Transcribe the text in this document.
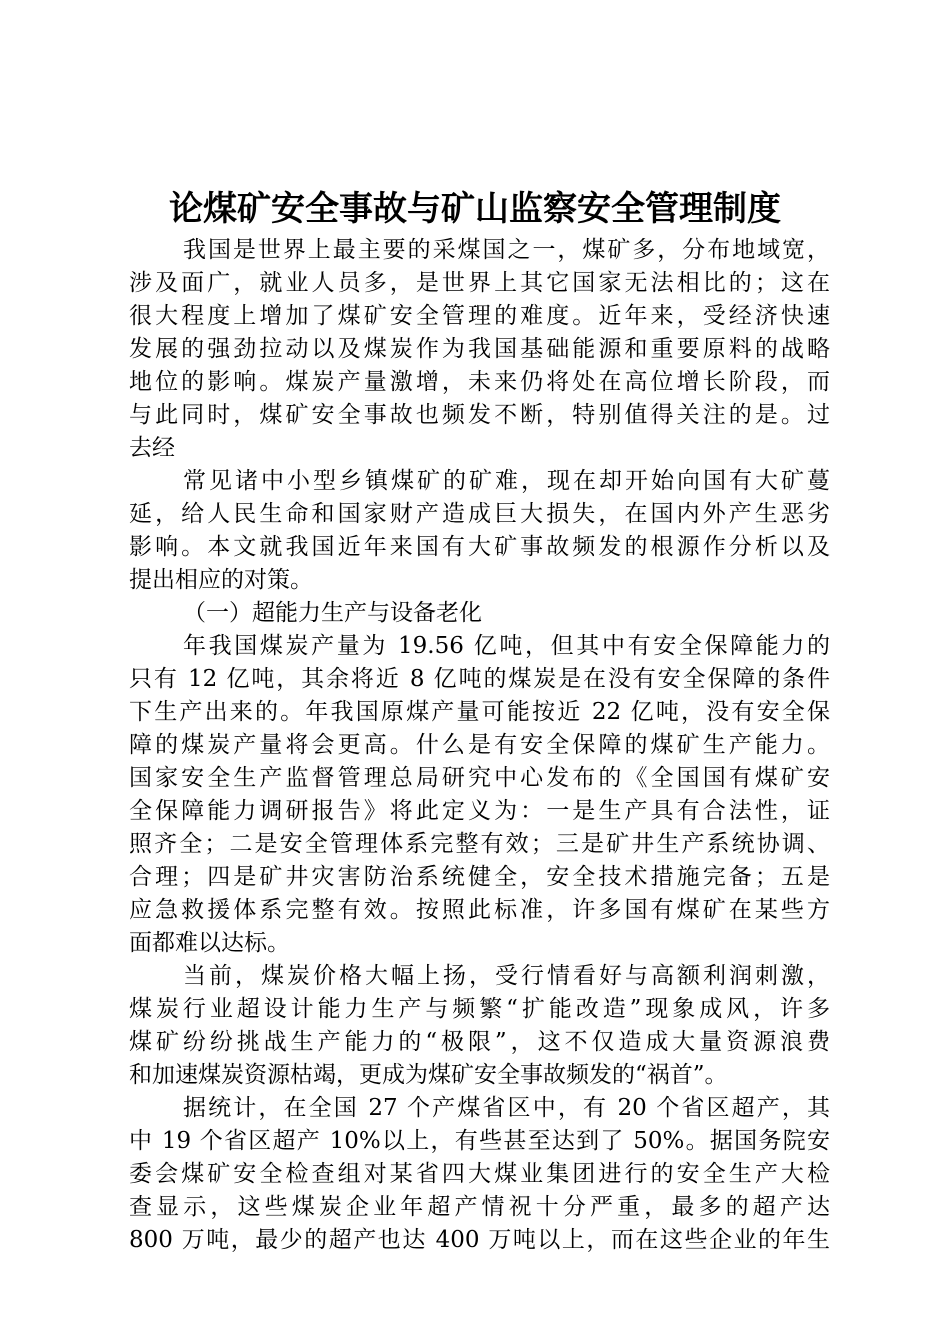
论煤矿安全事故与矿山监察安全管理制度
我国是世界上最主要的采煤国之一，煤矿多，分布地域宽，
涉及面广，就业人员多，是世界上其它国家无法相比的；这在
很大程度上增加了煤矿安全管理的难度。近年来，受经济快速
发展的强劲拉动以及煤炭作为我国基础能源和重要原料的战略
地位的影响。煤炭产量激增，未来仍将处在高位增长阶段，而
与此同时，煤矿安全事故也频发不断，特别值得关注的是。过
去经
常见诸中小型乡镇煤矿的矿难，现在却开始向国有大矿蔓
延，给人民生命和国家财产造成巨大损失，在国内外产生恶劣
影响。本文就我国近年来国有大矿事故频发的根源作分析以及
提出相应的对策。
（一）超能力生产与设备老化
年我国煤炭产量为 19.56 亿吨，但其中有安全保障能力的
只有 12 亿吨，其余将近 8 亿吨的煤炭是在没有安全保障的条件
下生产出来的。年我国原煤产量可能按近 22 亿吨，没有安全保
障的煤炭产量将会更高。什么是有安全保障的煤矿生产能力。
国家安全生产监督管理总局研究中心发布的《全国国有煤矿安
全保障能力调研报告》将此定义为：一是生产具有合法性，证
照齐全；二是安全管理体系完整有效；三是矿井生产系统协调、
合理；四是矿井灾害防治系统健全，安全技术措施完备；五是
应急救援体系完整有效。按照此标准，许多国有煤矿在某些方
面都难以达标。
当前，煤炭价格大幅上扬，受行情看好与高额利润刺激，
煤炭行业超设计能力生产与频繁“扩能改造”现象成风，许多
煤矿纷纷挑战生产能力的“极限”，这不仅造成大量资源浪费
和加速煤炭资源枯竭，更成为煤矿安全事故频发的“祸首”。
据统计，在全国 27 个产煤省区中，有 20 个省区超产，其
中 19 个省区超产 10%以上，有些甚至达到了 50%。据国务院安
委会煤矿安全检查组对某省四大煤业集团进行的安全生产大检
查显示，这些煤炭企业年超产情祝十分严重，最多的超产达
800 万吨，最少的超产也达 400 万吨以上，而在这些企业的年生
